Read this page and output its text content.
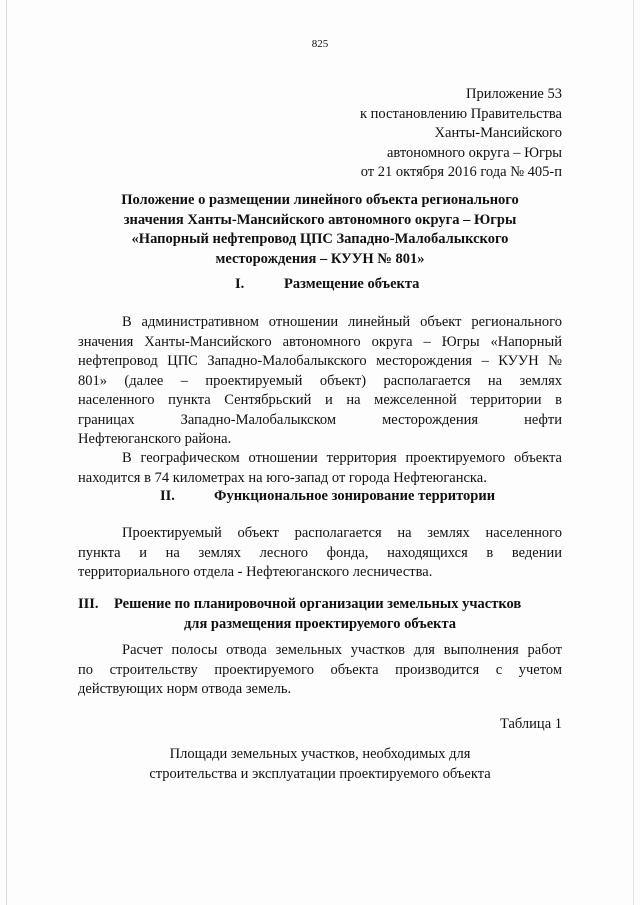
825
Приложение 53
к постановлению Правительства
Ханты-Мансийского
автономного округа – Югры
от 21 октября 2016 года № 405-п
Положение о размещении линейного объекта регионального
значения Ханты-Мансийского автономного округа – Югры
«Напорный нефтепровод ЦПС Западно-Малобалыкского
месторождения – КУУН № 801»
I.	Размещение объекта
В административном отношении линейный объект регионального
значения Ханты-Мансийского автономного округа – Югры «Напорный
нефтепровод ЦПС Западно-Малобалыкского месторождения – КУУН №
801» (далее – проектируемый объект) располагается на землях
населенного пункта Сентябрьский и на межселенной территории в
границах Западно-Малобалыкском месторождения нефти
Нефтеюганского района.
В географическом отношении территория проектируемого объекта
находится в 74 километрах на юго-запад от города Нефтеюганска.
II.	Функциональное зонирование территории
Проектируемый объект располагается на землях населенного
пункта и на землях лесного фонда, находящихся в ведении
территориального отдела - Нефтеюганского лесничества.
III. Решение по планировочной организации земельных участков
для размещения проектируемого объекта
Расчет полосы отвода земельных участков для выполнения работ
по строительству проектируемого объекта производится с учетом
действующих норм отвода земель.
Таблица 1
Площади земельных участков, необходимых для
строительства и эксплуатации проектируемого объекта
